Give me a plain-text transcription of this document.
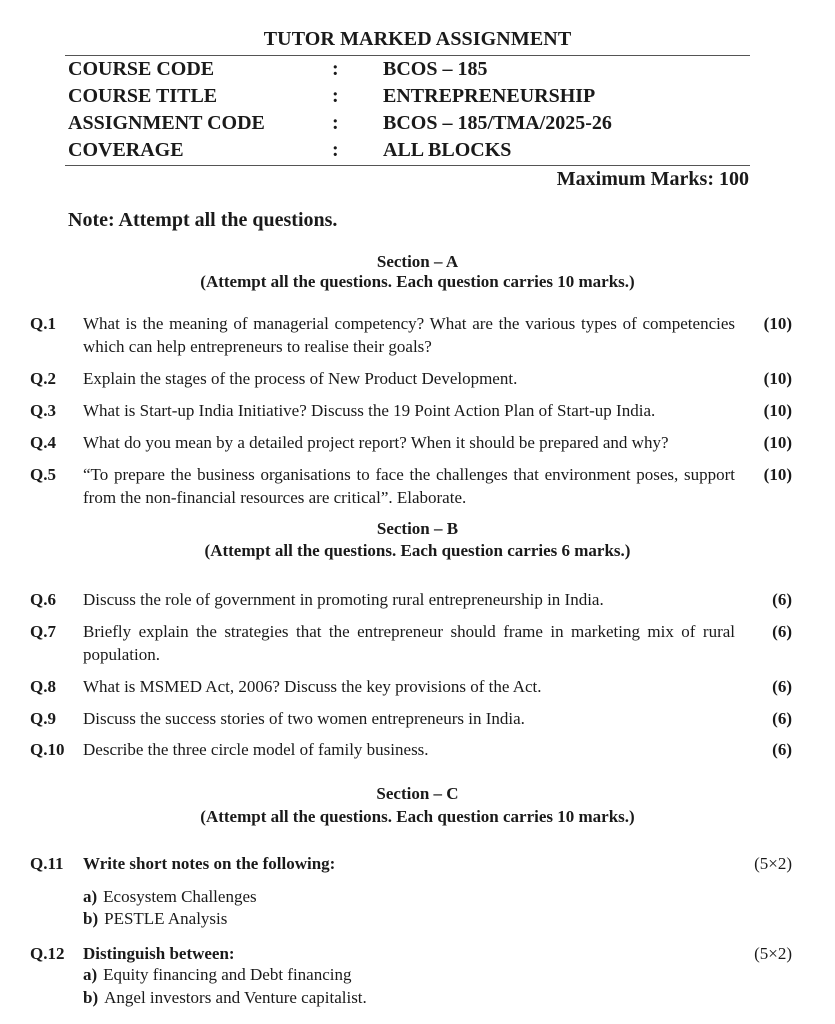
TUTOR MARKED ASSIGNMENT
COURSE CODE	: BCOS – 185
COURSE TITLE	: ENTREPRENEURSHIP
ASSIGNMENT CODE	: BCOS – 185/TMA/2025-26
COVERAGE	: ALL BLOCKS
Maximum Marks: 100
Note: Attempt all the questions.
Section – A
(Attempt all the questions. Each question carries 10 marks.)
Q.1 What is the meaning of managerial competency? What are the various types of competencies which can help entrepreneurs to realise their goals?
(10)
Q.2 Explain the stages of the process of New Product Development.	(10)
Q.3 What is Start-up India Initiative? Discuss the 19 Point Action Plan of Start-up India.	(10)
Q.4 What do you mean by a detailed project report? When it should be prepared and why?	(10)
Q.5 “To prepare the business organisations to face the challenges that environment poses, support from the non-financial resources are critical”. Elaborate.
(10)
Section – B
(Attempt all the questions. Each question carries 6 marks.)
Q.6 Discuss the role of government in promoting rural entrepreneurship in India.	(6)
Q.7 Briefly explain the strategies that the entrepreneur should frame in marketing mix of rural population.
(6)
Q.8 What is MSMED Act, 2006? Discuss the key provisions of the Act.	(6)
Q.9 Discuss the success stories of two women entrepreneurs in India.	(6)
Q.10 Describe the three circle model of family business.	(6)
Section – C
(Attempt all the questions. Each question carries 10 marks.)
Q.11 Write short notes on the following:	(5×2)
a) Ecosystem Challenges
b) PESTLE Analysis
Q.12 Distinguish between:	(5×2)
a) Equity financing and Debt financing
b) Angel investors and Venture capitalist.
